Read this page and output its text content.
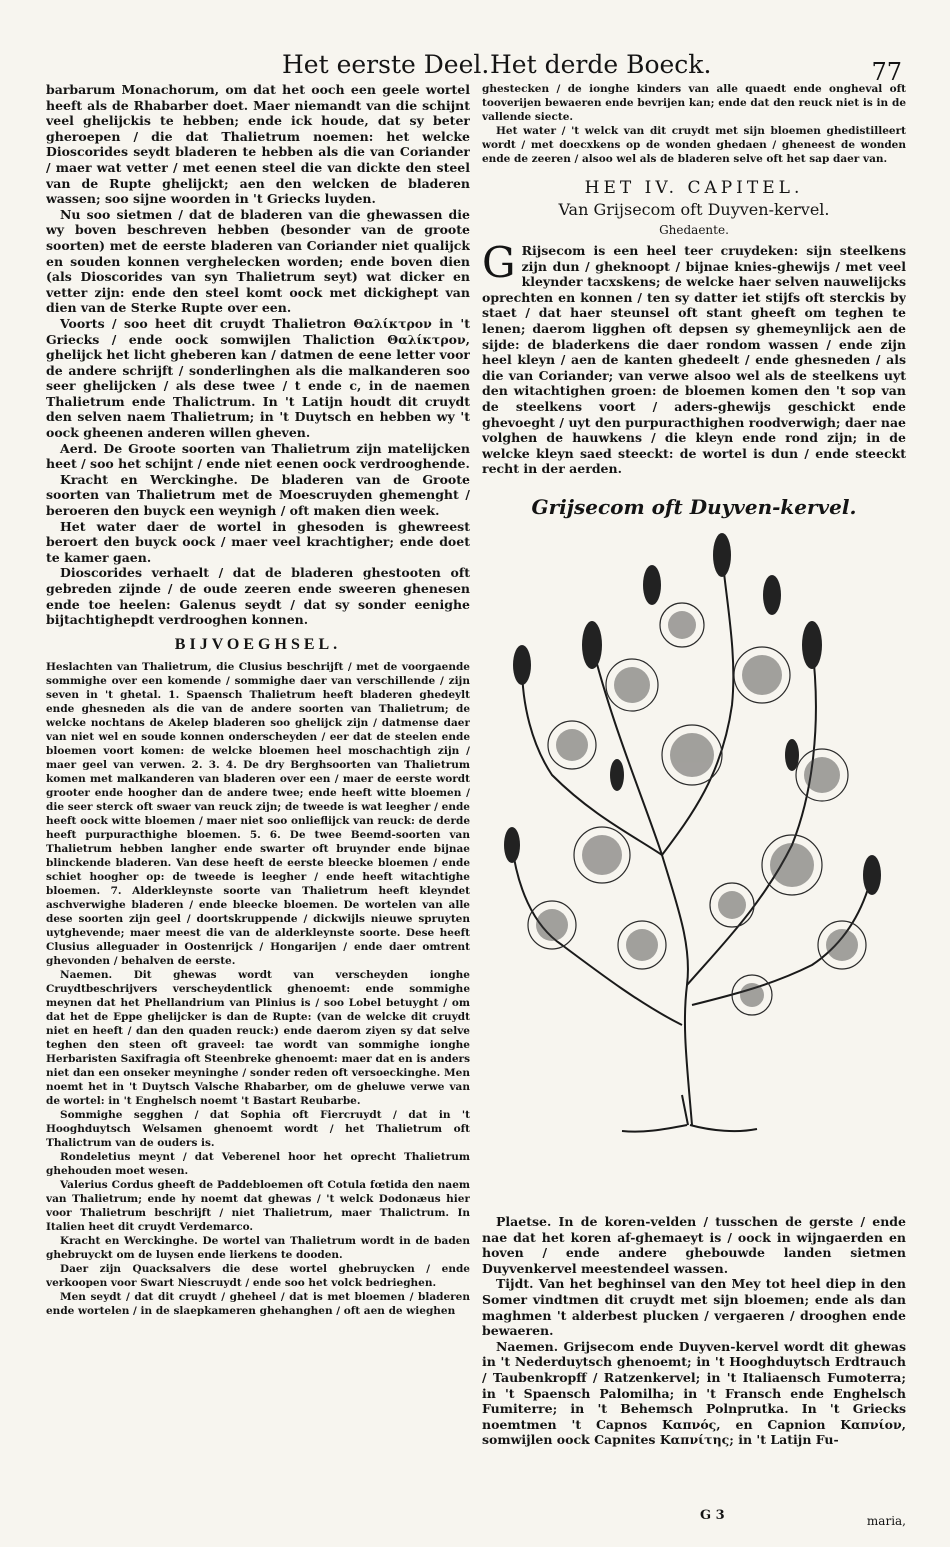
Het eerste Deel. Het derde Boeck.	77

barbarum Monachorum, om dat het ooch een geele wortel heeft als de Rhabarber doet. Maer niemandt van die schijnt veel ghelijckis te hebben; ende ick houde, dat sy beter gheroepen / die dat Thalietrum noemen: het welcke Dioscorides seydt bladeren te hebben als die van Coriander / maer wat vetter / met eenen steel die van dickte den steel van de Rupte ghelijckt; aen den welcken de bladeren wassen; soo sijne woorden in 't Griecks luyden.

Nu soo sietmen / dat de bladeren van die ghewassen die wy boven beschreven hebben (besonder van de groote soorten) met de eerste bladeren van Coriander niet qualijck en souden konnen verghelecken worden; ende boven dien (als Dioscorides van syn Thalietrum seyt) wat dicker en vetter zijn: ende den steel komt oock met dickighept van dien van de Sterke Rupte over een.

Voorts / soo heet dit cruydt Thalietron Θαλίκτρον in 't Griecks / ende oock somwijlen Thaliction Θαλίκτρον, ghelijck het licht gheberen kan / datmen de eene letter voor de andere schrijft / sonderlinghen als die malkanderen soo seer ghelijcken / als dese twee / t ende c, in de naemen Thalietrum ende Thalictrum. In 't Latijn houdt dit cruydt den selven naem Thalietrum; in 't Duytsch en hebben wy 't oock gheenen anderen willen gheven.

Aerd. De Groote soorten van Thalietrum zijn matelijcken heet / soo het schijnt / ende niet eenen oock verdrooghende.

Kracht en Werckinghe. De bladeren van de Groote soorten van Thalietrum met de Moescruyden ghemenght / beroeren den buyck een weynigh / oft maken dien week.

Het water daer de wortel in ghesoden is ghewreest beroert den buyck oock / maer veel krachtigher; ende doet te kamer gaen.

Dioscorides verhaelt / dat de bladeren ghestooten oft gebreden zijnde / de oude zeeren ende sweeren ghenesen ende toe heelen: Galenus seydt / dat sy sonder eenighe bijtachtighepdt verdrooghen konnen.

BIJVOEGHSEL.

Heslachten van Thalietrum, die Clusius beschrijft / met de voorgaende sommighe over een komende / sommighe daer van verschillende / zijn seven in 't ghetal. 1. Spaensch Thalietrum heeft bladeren ghedeylt ende ghesneden als die van de andere soorten van Thalietrum; de welcke nochtans de Akelep bladeren soo ghelijck zijn / datmense daer van niet wel en soude konnen onderscheyden / eer dat de steelen ende bloemen voort komen: de welcke bloemen heel moschachtigh zijn / maer geel van verwen. 2. 3. 4. De dry Berghsoorten van Thalietrum komen met malkanderen van bladeren over een / maer de eerste wordt grooter ende hoogher dan de andere twee; ende heeft witte bloemen / die seer sterck oft swaer van reuck zijn; de tweede is wat leegher / ende heeft oock witte bloemen / maer niet soo onlieflijck van reuck: de derde heeft purpuracthighe bloemen. 5. 6. De twee Beemd-soorten van Thalietrum hebben langher ende swarter oft bruynder ende bijnae blinckende bladeren. Van dese heeft de eerste bleecke bloemen / ende schiet hoogher op: de tweede is leegher / ende heeft witachtighe bloemen. 7. Alderkleynste soorte van Thalietrum heeft kleyndet aschverwighe bladeren / ende bleecke bloemen. De wortelen van alle dese soorten zijn geel / doortskruppende / dickwijls nieuwe spruyten uytghevende; maer meest die van de alderkleynste soorte. Dese heeft Clusius alleguader in Oostenrijck / Hongarijen / ende daer omtrent ghevonden / behalven de eerste.

Naemen. Dit ghewas wordt van verscheyden ionghe Cruydtbeschrijvers verscheydentlick ghenoemt: ende sommighe meynen dat het Phellandrium van Plinius is / soo Lobel betuyght / om dat het de Eppe ghelijcker is dan de Rupte: (van de welcke dit cruydt niet en heeft / dan den quaden reuck:) ende daerom ziyen sy dat selve teghen den steen oft graveel: tae wordt van sommighe ionghe Herbaristen Saxifragia oft Steenbreke ghenoemt: maer dat en is anders niet dan een onseker meyninghe / sonder reden oft versoeckinghe. Men noemt het in 't Duytsch Valsche Rhabarber, om de gheluwe verwe van de wortel: in 't Enghelsch noemt 't Bastart Reubarbe.

Sommighe segghen / dat Sophia oft Fiercruydt / dat in 't Hooghduytsch Welsamen ghenoemt wordt / het Thalietrum oft Thalictrum van de ouders is.

Rondeletius meynt / dat Veberenel hoor het oprecht Thalietrum ghehouden moet wesen.

Valerius Cordus gheeft de Paddebloemen oft Cotula fœtida den naem van Thalietrum; ende hy noemt dat ghewas / 't welck Dodonæus hier voor Thalietrum beschrijft / niet Thalietrum, maer Thalictrum. In Italien heet dit cruydt Verdemarco.

Kracht en Werckinghe. De wortel van Thalietrum wordt in de baden ghebruyckt om de luysen ende lierkens te dooden.

Daer zijn Quacksalvers die dese wortel ghebruycken / ende verkoopen voor Swart Niescruydt / ende soo het volck bedrieghen.

Men seydt / dat dit cruydt / gheheel / dat is met bloemen / bladeren ende wortelen / in de slaepkameren ghehanghen / oft aen de wieghen

ghestecken / de ionghe kinders van alle quaedt ende ongheval oft tooverijen bewaeren ende bevrijen kan; ende dat den reuck niet is in de vallende siecte.

Het water / 't welck van dit cruydt met sijn bloemen ghedistilleert wordt / met doecxkens op de wonden ghedaen / gheneest de wonden ende de zeeren / alsoo wel als de bladeren selve oft het sap daer van.

HET IV. CAPITEL.
Van Grijsecom oft Duyven-kervel.
Ghedaente.

G Rijsecom is een heel teer cruydeken: sijn steelkens zijn dun / gheknoopt / bijnae knies-ghewijs / met veel kleynder tacxskens; de welcke haer selven nauwelijcks oprechten en konnen / ten sy datter iet stijfs oft sterckis by staet / dat haer steunsel oft stant gheeft om teghen te lenen; daerom ligghen oft depsen sy ghemeynlijck aen de sijde: de bladerkens die daer rondom wassen / ende zijn heel kleyn / aen de kanten ghedeelt / ende ghesneden / als die van Coriander; van verwe alsoo wel als de steelkens uyt den witachtighen groen: de bloemen komen den 't sop van de steelkens voort / aders-ghewijs geschickt ende ghevoeght / uyt den purpuracthighen roodverwigh; daer nae volghen de hauwkens / die kleyn ende rond zijn; in de welcke kleyn saed steeckt: de wortel is dun / ende steeckt recht in der aerden.

Grijsecom oft Duyven-kervel.

Plaetse. In de koren-velden / tusschen de gerste / ende nae dat het koren af-ghemaeyt is / oock in wijngaerden en hoven / ende andere ghebouwde landen sietmen Duyvenkervel meestendeel wassen.

Tijdt. Van het beghinsel van den Mey tot heel diep in den Somer vindtmen dit cruydt met sijn bloemen; ende als dan maghmen 't alderbest plucken / vergaeren / drooghen ende bewaeren.

Naemen. Grijsecom ende Duyven-kervel wordt dit ghewas in 't Nederduytsch ghenoemt; in 't Hooghduytsch Erdtrauch / Taubenkropff / Ratzenkervel; in 't Italiaensch Fumoterra; in 't Spaensch Palomilha; in 't Fransch ende Enghelsch Fumiterre; in 't Behemsch Polnprutka. In 't Griecks noemtmen 't Capnos Καπνός, en Capnion Καπνίον, somwijlen oock Capnites Καπνίτης; in 't Latijn Fu-

G 3	maria,
